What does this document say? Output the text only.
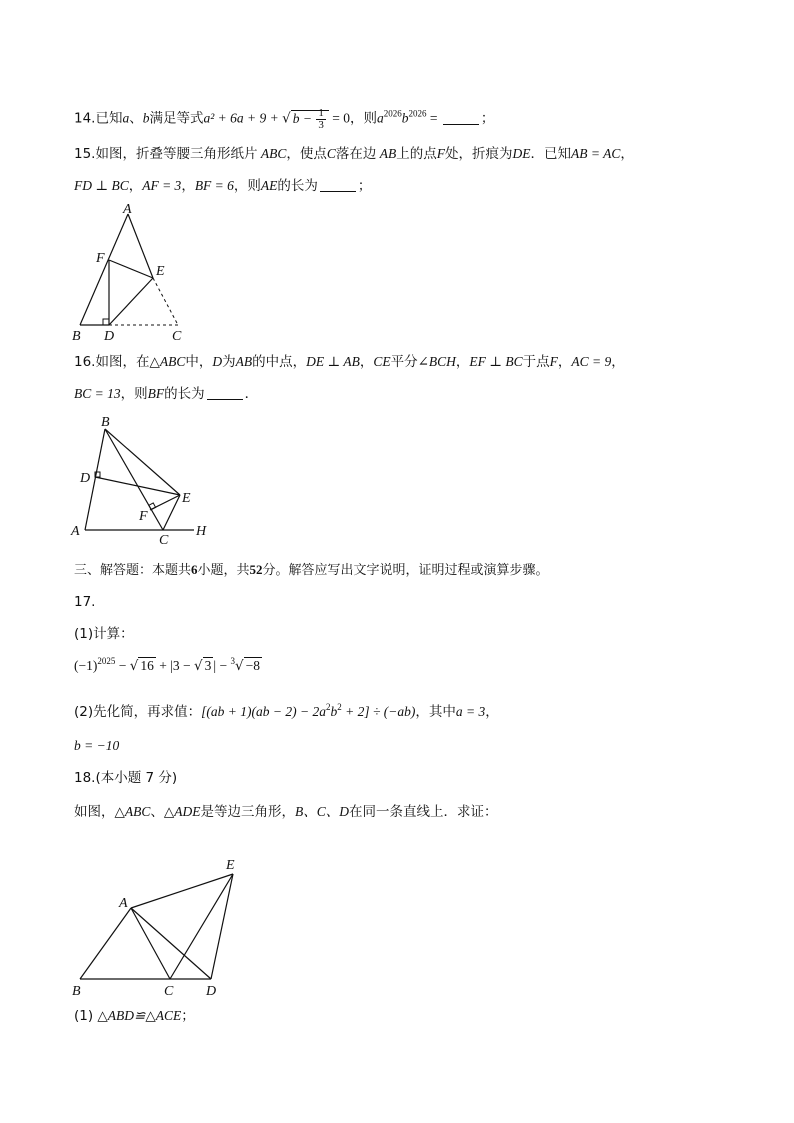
14.已知a、b满足等式a² + 6a + 9 + √ $b - \frac{1}{3} = 0$，则$a^{2026}b^{2026}$ =	；
15.如图，折叠等腰三角形纸片 ABC，使点C落在边 AB上的点F处，折痕为DE．已知AB = AC，
FD ⊥ BC，AF = 3，BF = 6，则AE的长为	；
A
F
E
B D	C
16.如图，在△ABC中，D为AB的中点，DE ⊥ AB，CE平分∠BCH，EF ⊥ BC于点F，AC = 9，
BC = 13，则BF的长为	．
B
D
E
F
A
C
H
三、解答题：本题共6小题，共52分。解答应写出文字说明，证明过程或演算步骤。
17.
(1)计算：
$(-1)^{2025}$ − √ 16 + |3 − √ 3 | − $^3$√ −8
(2)先化简，再求值：$[(ab + 1)(ab - 2) - 2a^2b^2 + 2] \div (-ab)$，其中a = 3，
b = −10
18.(本小题 7 分)
如图，△ABC、△ADE是等边三角形，B、C、D在同一条直线上．求证：
E
A
B	C D
(1) △ABD≌△ACE；
